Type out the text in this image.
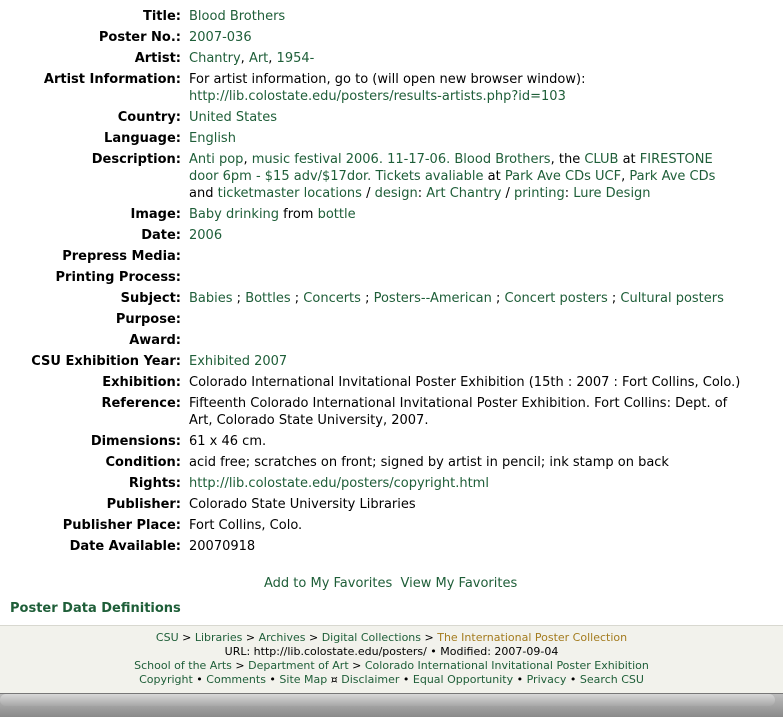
Title:	Blood Brothers
Poster No.:	2007-036
Artist:	Chantry, Art, 1954-
Artist Information:	For artist information, go to (will open new browser window):
http://lib.colostate.edu/posters/results-artists.php?id=103
Country:	United States
Language:	English
Description:	Anti pop, music festival 2006. 11-17-06. Blood Brothers, the CLUB at FIRESTONE door 6pm - $15 adv/$17dor. Tickets avaliable at Park Ave CDs UCF, Park Ave CDs and ticketmaster locations / design: Art Chantry / printing: Lure Design
Image:	Baby drinking from bottle
Date:	2006
Prepress Media:	
Printing Process:	
Subject:	Babies ; Bottles ; Concerts ; Posters--American ; Concert posters ; Cultural posters
Purpose:	
Award:	
CSU Exhibition Year:	Exhibited 2007
Exhibition:	Colorado International Invitational Poster Exhibition (15th : 2007 : Fort Collins, Colo.)
Reference:	Fifteenth Colorado International Invitational Poster Exhibition. Fort Collins: Dept. of Art, Colorado State University, 2007.
Dimensions:	61 x 46 cm.
Condition:	acid free; scratches on front; signed by artist in pencil; ink stamp on back
Rights:	http://lib.colostate.edu/posters/copyright.html
Publisher:	Colorado State University Libraries
Publisher Place:	Fort Collins, Colo.
Date Available:	20070918
Add to My Favorites View My Favorites
Poster Data Definitions
CSU > Libraries > Archives > Digital Collections > The International Poster Collection
URL: http://lib.colostate.edu/posters/ • Modified: 2007-09-04
School of the Arts > Department of Art > Colorado International Invitational Poster Exhibition
Copyright • Comments • Site Map ¤ Disclaimer • Equal Opportunity • Privacy • Search CSU
